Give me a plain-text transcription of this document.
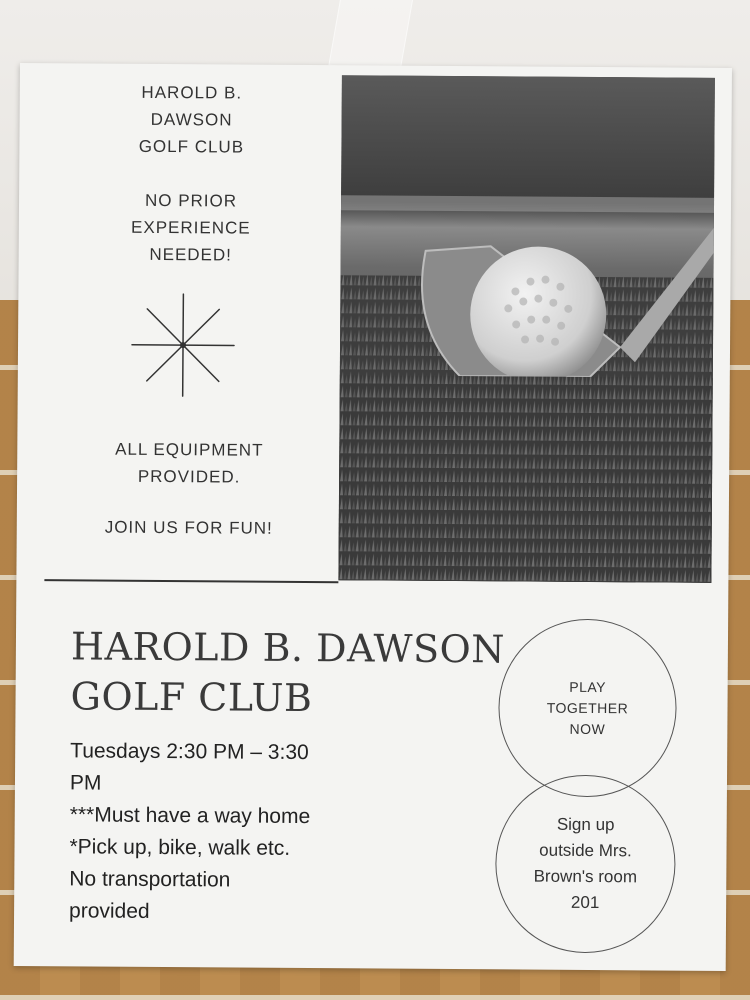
HAROLD B.
DAWSON
GOLF CLUB
NO PRIOR
EXPERIENCE
NEEDED!
ALL EQUIPMENT
PROVIDED.
JOIN US FOR FUN!
HAROLD B. DAWSON
GOLF CLUB
Tuesdays 2:30 PM – 3:30
PM
***Must have a way home
*Pick up, bike, walk etc.
No transportation
provided
PLAY
TOGETHER
NOW
Sign up
outside Mrs.
Brown's room
201
